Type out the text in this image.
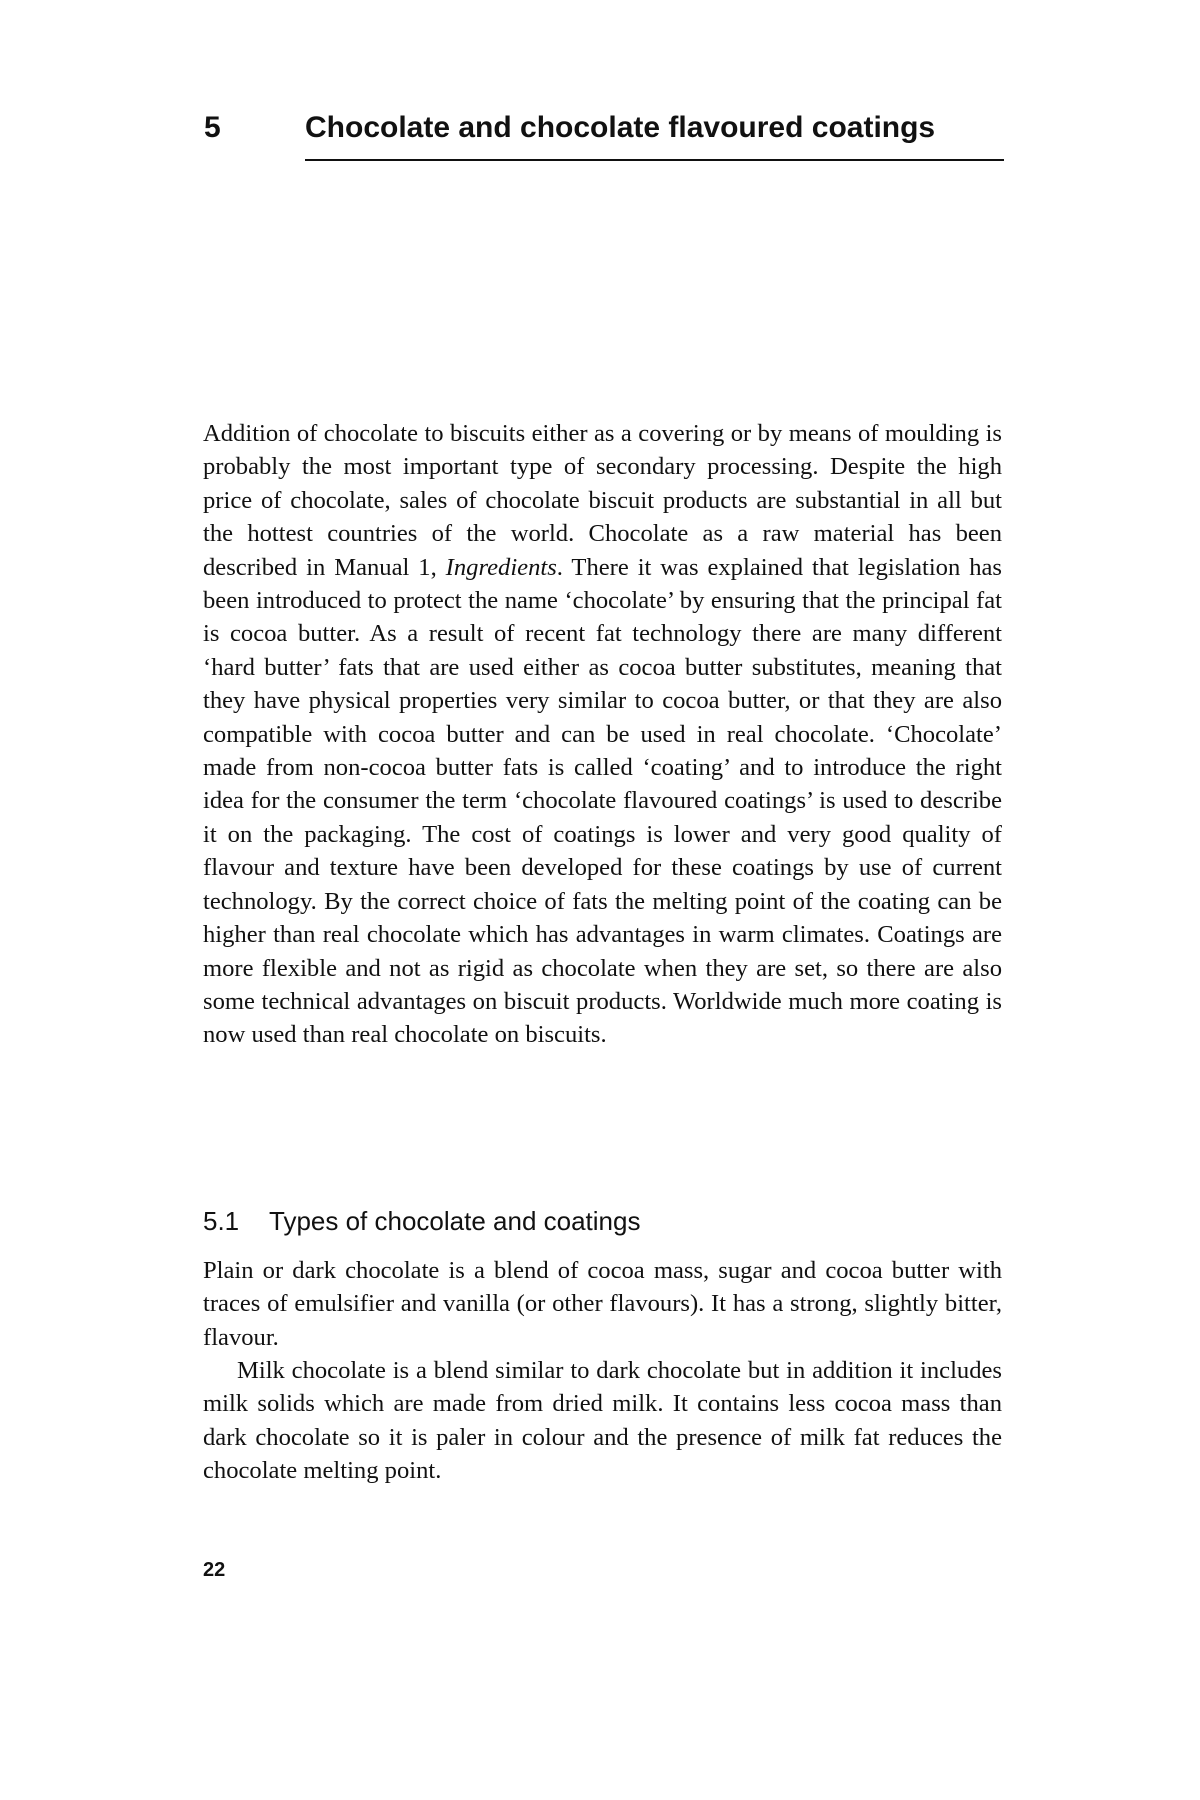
5	Chocolate and chocolate flavoured coatings

Addition of chocolate to biscuits either as a covering or by means of moulding is probably the most important type of secondary processing. Despite the high price of chocolate, sales of chocolate biscuit products are substantial in all but the hottest countries of the world. Chocolate as a raw material has been described in Manual 1, Ingredients. There it was explained that legislation has been introduced to protect the name ‘chocolate’ by ensuring that the principal fat is cocoa butter. As a result of recent fat technology there are many different ‘hard butter’ fats that are used either as cocoa butter substitutes, meaning that they have physical properties very similar to cocoa butter, or that they are also compatible with cocoa butter and can be used in real chocolate. ‘Chocolate’ made from non-cocoa butter fats is called ‘coating’ and to introduce the right idea for the consumer the term ‘chocolate flavoured coatings’ is used to describe it on the packaging. The cost of coatings is lower and very good quality of flavour and texture have been developed for these coatings by use of current technology. By the correct choice of fats the melting point of the coating can be higher than real chocolate which has advantages in warm climates. Coatings are more flexible and not as rigid as chocolate when they are set, so there are also some technical advantages on biscuit products. Worldwide much more coating is now used than real chocolate on biscuits.

5.1 Types of chocolate and coatings

Plain or dark chocolate is a blend of cocoa mass, sugar and cocoa butter with traces of emulsifier and vanilla (or other flavours). It has a strong, slightly bitter, flavour.

Milk chocolate is a blend similar to dark chocolate but in addition it includes milk solids which are made from dried milk. It contains less cocoa mass than dark chocolate so it is paler in colour and the presence of milk fat reduces the chocolate melting point.

22
